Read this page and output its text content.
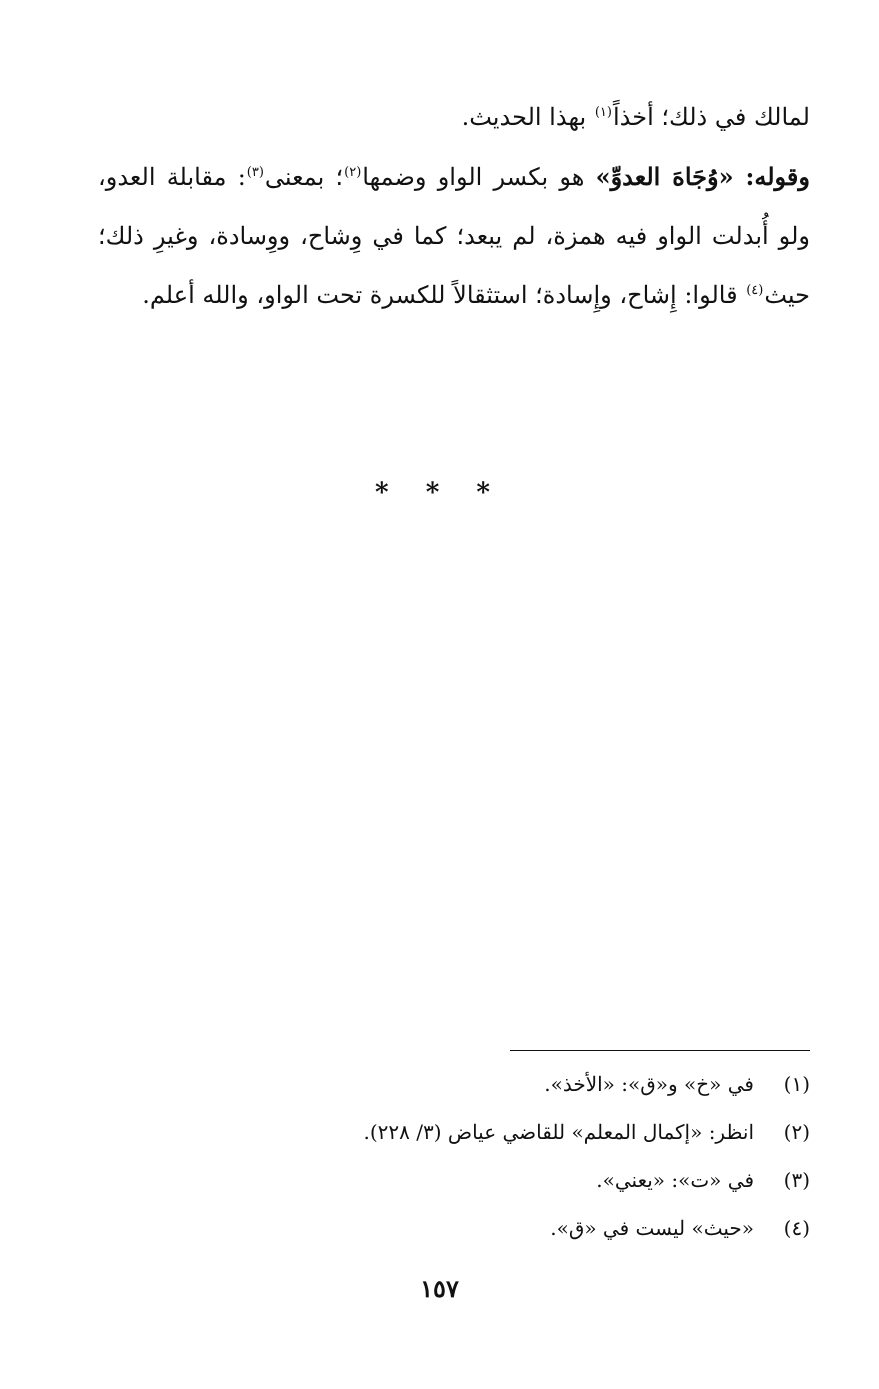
لمالك في ذلك؛ أخذاً$^{(١)}$ بهذا الحديث.

وقوله: «وُجَاهَ العدوِّ» هو بكسر الواو وضمها$^{(٢)}$؛ بمعنى$^{(٣)}$: مقابلة العدو، ولو أُبدلت الواو فيه همزة، لم يبعد؛ كما في وِشاح، ووِسادة، وغيرِ ذلك؛ حيث$^{(٤)}$ قالوا: إِشاح، وإِسادة؛ استثقالاً للكسرة تحت الواو، والله أعلم.

* * *
(١)
في «خ» و«ق»: «الأخذ».
(٢)
انظر: «إكمال المعلم» للقاضي عياض (٣/ ٢٢٨).
(٣)
في «ت»: «يعني».
(٤)
«حيث» ليست في «ق».
١٥٧
